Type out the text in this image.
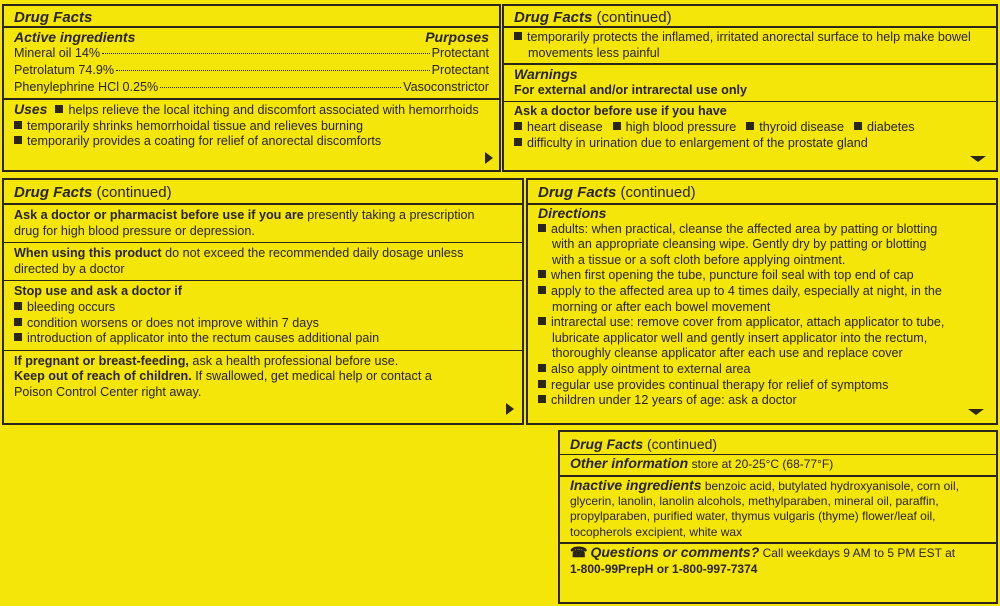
Drug Facts
Active ingredients	Purposes
Mineral oil 14%	Protectant
Petrolatum 74.9%	Protectant
Phenylephrine HCl 0.25%	Vasoconstrictor
Uses helps relieve the local itching and discomfort associated with hemorrhoids
temporarily shrinks hemorrhoidal tissue and relieves burning
temporarily provides a coating for relief of anorectal discomforts
Drug Facts (continued)
temporarily protects the inflamed, irritated anorectal surface to help make bowel
movements less painful
Warnings
For external and/or intrarectal use only
Ask a doctor before use if you have
heart disease high blood pressure thyroid disease diabetes
difficulty in urination due to enlargement of the prostate gland
Drug Facts (continued)
Ask a doctor or pharmacist before use if you are presently taking a prescription
drug for high blood pressure or depression.
When using this product do not exceed the recommended daily dosage unless
directed by a doctor
Stop use and ask a doctor if
bleeding occurs
condition worsens or does not improve within 7 days
introduction of applicator into the rectum causes additional pain
If pregnant or breast-feeding, ask a health professional before use.
Keep out of reach of children. If swallowed, get medical help or contact a
Poison Control Center right away.
Drug Facts (continued)
Directions
adults: when practical, cleanse the affected area by patting or blotting
with an appropriate cleansing wipe. Gently dry by patting or blotting
with a tissue or a soft cloth before applying ointment.
when first opening the tube, puncture foil seal with top end of cap
apply to the affected area up to 4 times daily, especially at night, in the
morning or after each bowel movement
intrarectal use: remove cover from applicator, attach applicator to tube,
lubricate applicator well and gently insert applicator into the rectum,
thoroughly cleanse applicator after each use and replace cover
also apply ointment to external area
regular use provides continual therapy for relief of symptoms
children under 12 years of age: ask a doctor
Drug Facts (continued)
Other information store at 20-25°C (68-77°F)
Inactive ingredients benzoic acid, butylated hydroxyanisole, corn oil,
glycerin, lanolin, lanolin alcohols, methylparaben, mineral oil, paraffin,
propylparaben, purified water, thymus vulgaris (thyme) flower/leaf oil,
tocopherols excipient, white wax
☎ Questions or comments? Call weekdays 9 AM to 5 PM EST at
1-800-99PrepH or 1-800-997-7374
